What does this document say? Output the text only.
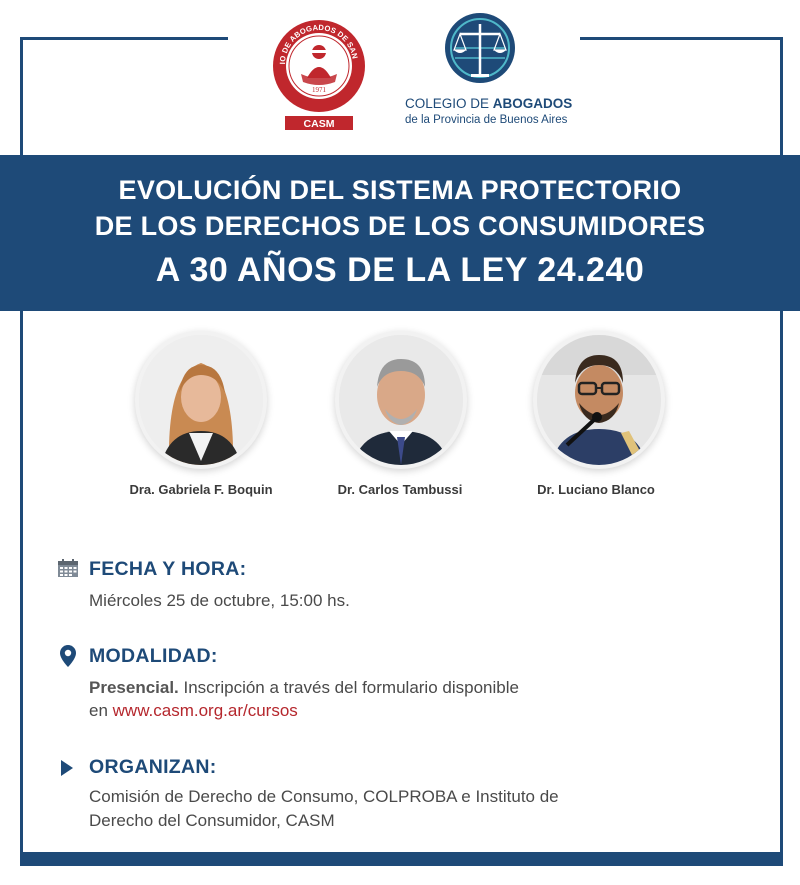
IO DE ABOGADOS DE SAN
1971
CASM
COLEGIO DE ABOGADOS
de la Provincia de Buenos Aires
EVOLUCIÓN DEL SISTEMA PROTECTORIO
DE LOS DERECHOS DE LOS CONSUMIDORES
A 30 AÑOS DE LA LEY 24.240
Dra. Gabriela F. Boquin	Dr. Carlos Tambussi	Dr. Luciano Blanco
FECHA Y HORA:
Miércoles 25 de octubre, 15:00 hs.
MODALIDAD:
Presencial. Inscripción a través del formulario disponible
en www.casm.org.ar/cursos
ORGANIZAN:
Comisión de Derecho de Consumo, COLPROBA e Instituto de
Derecho del Consumidor, CASM
